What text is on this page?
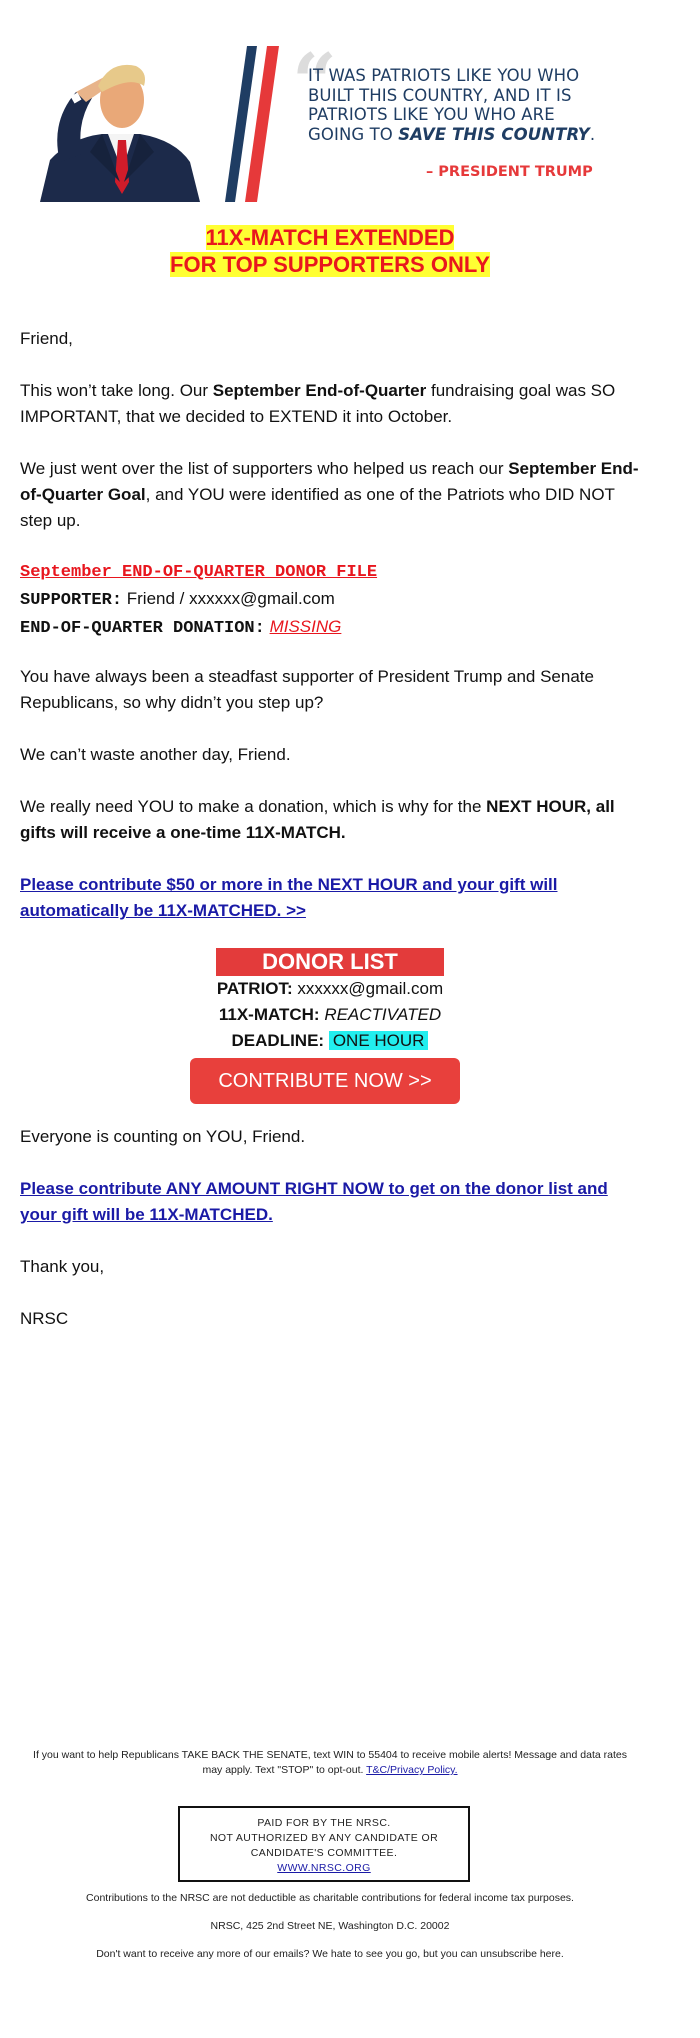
“
IT WAS PATRIOTS LIKE YOU WHO
BUILT THIS COUNTRY, AND IT IS
PATRIOTS LIKE YOU WHO ARE
GOING TO SAVE THIS COUNTRY.
– PRESIDENT TRUMP
11X-MATCH EXTENDED
FOR TOP SUPPORTERS ONLY

Friend,

This won’t take long. Our September End-of-Quarter fundraising goal was SO IMPORTANT, that we decided to EXTEND it into October.

We just went over the list of supporters who helped us reach our September End-of-Quarter Goal, and YOU were identified as one of the Patriots who DID NOT step up.

September END-OF-QUARTER DONOR FILE

SUPPORTER: Friend / xxxxxx@gmail.com

END-OF-QUARTER DONATION: MISSING

You have always been a steadfast supporter of President Trump and Senate Republicans, so why didn’t you step up?

We can’t waste another day, Friend.

We really need YOU to make a donation, which is why for the NEXT HOUR, all gifts will receive a one-time 11X-MATCH.

Please contribute $50 or more in the NEXT HOUR and your gift will automatically be 11X-MATCHED. >>

DONOR LIST
PATRIOT: xxxxxx@gmail.com
11X-MATCH: REACTIVATED
DEADLINE: ONE HOUR
CONTRIBUTE NOW >>

Everyone is counting on YOU, Friend.

Please contribute ANY AMOUNT RIGHT NOW to get on the donor list and your gift will be 11X-MATCHED.

Thank you,

NRSC

If you want to help Republicans TAKE BACK THE SENATE, text WIN to 55404 to receive mobile alerts! Message and data rates may apply. Text "STOP" to opt-out. T&C/Privacy Policy.
PAID FOR BY THE NRSC.
NOT AUTHORIZED BY ANY CANDIDATE OR
CANDIDATE'S COMMITTEE.
WWW.NRSC.ORG
Contributions to the NRSC are not deductible as charitable contributions for federal income tax purposes.
NRSC, 425 2nd Street NE, Washington D.C. 20002
Don't want to receive any more of our emails? We hate to see you go, but you can unsubscribe here.
